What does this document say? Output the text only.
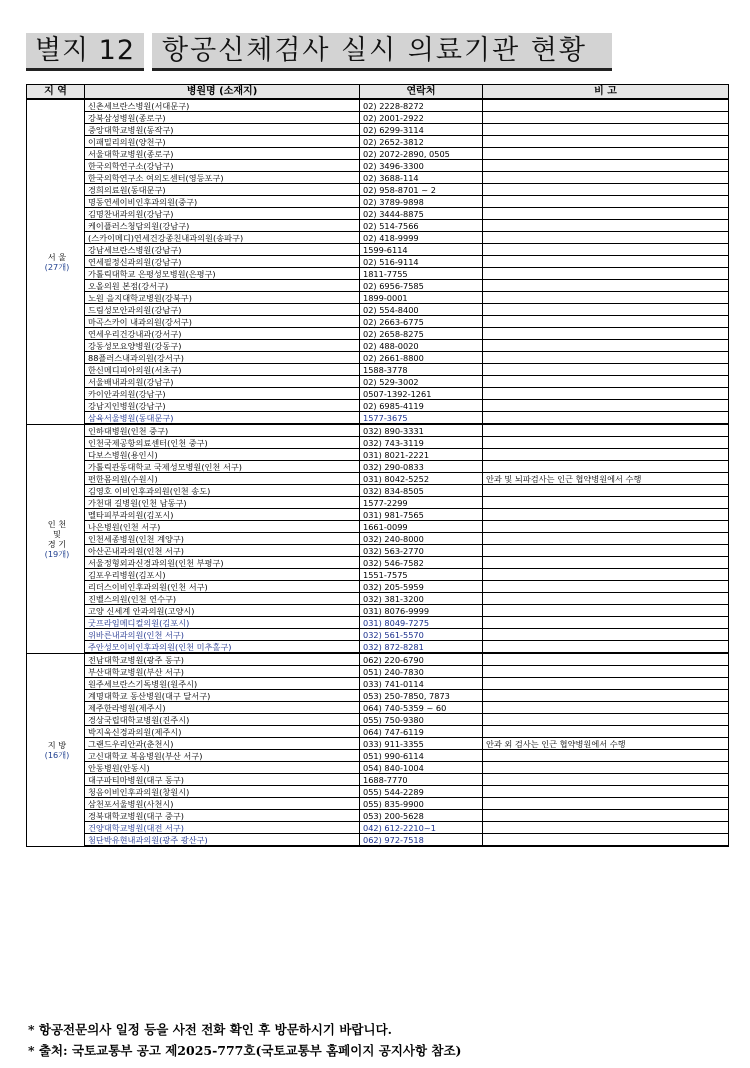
별지 12 항공신체검사 실시 의료기관 현황
지 역	병원명 (소재지)	연락처	비 고

서 울
(27개)	신촌세브란스병원(서대문구)	02) 2228-8272	
	강북삼성병원(종로구)	02) 2001-2922	
	중앙대학교병원(동작구)	02) 6299-3114	
	이패밀리의원(양천구)	02) 2652-3812	
	서울대학교병원(종로구)	02) 2072-2890, 0505	
	한국의학연구소(강남구)	02) 3496-3300	
	한국의학연구소 여의도센터(영등포구)	02) 3688-114	
	경희의료원(동대문구)	02) 958-8701 ~ 2	
	명동연세이비인후과의원(중구)	02) 3789-9898	
	김명찬내과의원(강남구)	02) 3444-8875	
	케이플러스청담의원(강남구)	02) 514-7566	
	(스카이메디)연세건강종친내과의원(송파구)	02) 418-9999	
	강남세브란스병원(강남구)	1599-6114	
	연세필정신과의원(강남구)	02) 516-9114	
	가톨릭대학교 은평성모병원(은평구)	1811-7755	
	오올의원 본점(강서구)	02) 6956-7585	
	노원 을지대학교병원(강북구)	1899-0001	
	드림성모안과의원(강남구)	02) 554-8400	
	마곡스카이 내과의원(강서구)	02) 2663-6775	
	연세우리건강내과(강서구)	02) 2658-8275	
	강동성모요양병원(강동구)	02) 488-0020	
	88플러스내과의원(강서구)	02) 2661-8800	
	한신메디피아의원(서초구)	1588-3778	
	서울배내과의원(강남구)	02) 529-3002	
	카이안과의원(강남구)	0507-1392-1261	
	강남지인병원(강남구)	02) 6985-4119	
	삼육서울병원(동대문구)	1577-3675	

인 천
및
경 기
(19개)	인하대병원(인천 중구)	032) 890-3331	
	인천국제공항의료센터(인천 중구)	032) 743-3119	
	다보스병원(용인시)	031) 8021-2221	
	가톨릭관동대학교 국제성모병원(인천 서구)	032) 290-0833	
	편한몸의원(수원시)	031) 8042-5252	안과 및 뇌파검사는 인근 협약병원에서 수행
	김영호 이비인후과의원(인천 송도)	032) 834-8505	
	가천대 길병원(인천 남동구)	1577-2299	
	멜타피부과의원(김포시)	031) 981-7565	
	나은병원(인천 서구)	1661-0099	
	인천세종병원(인천 계양구)	032) 240-8000	
	아산곤내과의원(인천 서구)	032) 563-2770	
	서울정형외과신경과의원(인천 부평구)	032) 546-7582	
	김포우리병원(김포시)	1551-7575	
	리더스이비인후과의원(인천 서구)	032) 205-5959	
	진벨스의원(인천 연수구)	032) 381-3200	
	고양 신세계 안과의원(고양시)	031) 8076-9999	
	굿프라임메디컬의원(김포시)	031) 8049-7275	
	위바른내과의원(인천 서구)	032) 561-5570	
	주안성모이비인후과의원(인천 미추홀구)	032) 872-8281	

지 방
(16개)	전남대학교병원(광주 동구)	062) 220-6790	
	부산대학교병원(부산 서구)	051) 240-7830	
	원주세브란스기독병원(원주시)	033) 741-0114	
	계명대학교 동산병원(대구 달서구)	053) 250-7850, 7873	
	제주한라병원(제주시)	064) 740-5359 ~ 60	
	경상국립대학교병원(진주시)	055) 750-9380	
	박지욱신경과의원(제주시)	064) 747-6119	
	그랜드우리안과(춘천시)	033) 911-3355	안과 외 검사는 인근 협약병원에서 수행
	고신대학교 복음병원(부산 서구)	051) 990-6114	
	안동병원(안동시)	054) 840-1004	
	대구파티마병원(대구 동구)	1688-7770	
	청음이비인후과의원(창원시)	055) 544-2289	
	삼천포서울병원(사천시)	055) 835-9900	
	경북대학교병원(대구 중구)	053) 200-5628	
	건양대학교병원(대전 서구)	042) 612-2210~1	
	첨단박유현내과의원(광주 광산구)	062) 972-7518	
* 항공전문의사 일정 등을 사전 전화 확인 후 방문하시기 바랍니다.
* 출처: 국토교통부 공고 제2025-777호(국토교통부 홈페이지 공지사항 참조)
